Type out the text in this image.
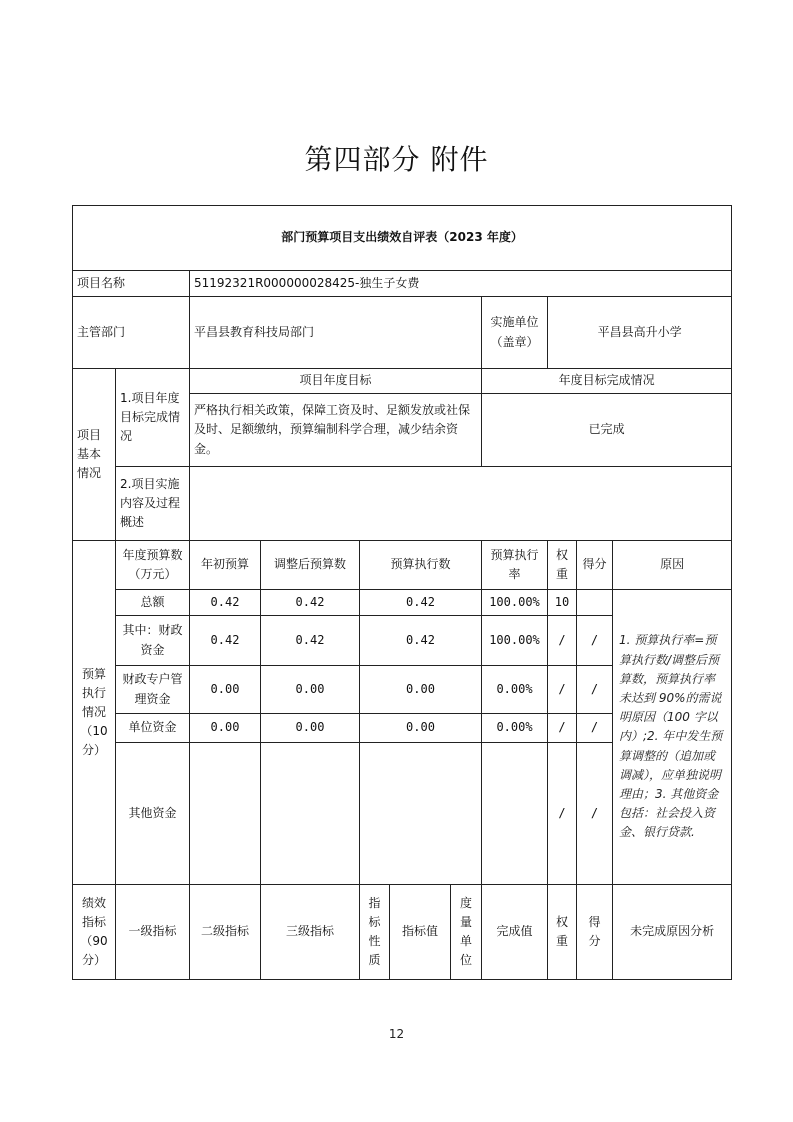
第四部分 附件
部门预算项目支出绩效自评表（2023 年度）										
项目名称		51192321R000000028425-独生子女费								
主管部门		平昌县教育科技局部门					实施单位（盖章）	平昌县高升小学		
项目基本情况	1.项目年度目标完成情况	项目年度目标					年度目标完成情况			
		严格执行相关政策，保障工资及时、足额发放或社保及时、足额缴纳，预算编制科学合理，减少结余资金。					已完成			
	2.项目实施内容及过程概述									
预算执行情况（10分）	年度预算数（万元）	年初预算	调整后预算数	预算执行数			预算执行率	权重	得分	原因
	总额	0.42	0.42	0.42			100.00%	10		1. 预算执行率=预算执行数/调整后预算数，预算执行率未达到 90%的需说明原因（100 字以内）;2. 年中发生预算调整的（追加或调减），应单独说明理由；3. 其他资金包括：社会投入资金、银行贷款.
	其中：财政资金	0.42	0.42	0.42			100.00%	/	/	
	财政专户管理资金	0.00	0.00	0.00			0.00%	/	/	
	单位资金	0.00	0.00	0.00			0.00%	/	/	
	其他资金							/	/	
绩效指标（90分）	一级指标	二级指标	三级指标	指标性质	指标值	度量单位	完成值	权重	得分	未完成原因分析
12
